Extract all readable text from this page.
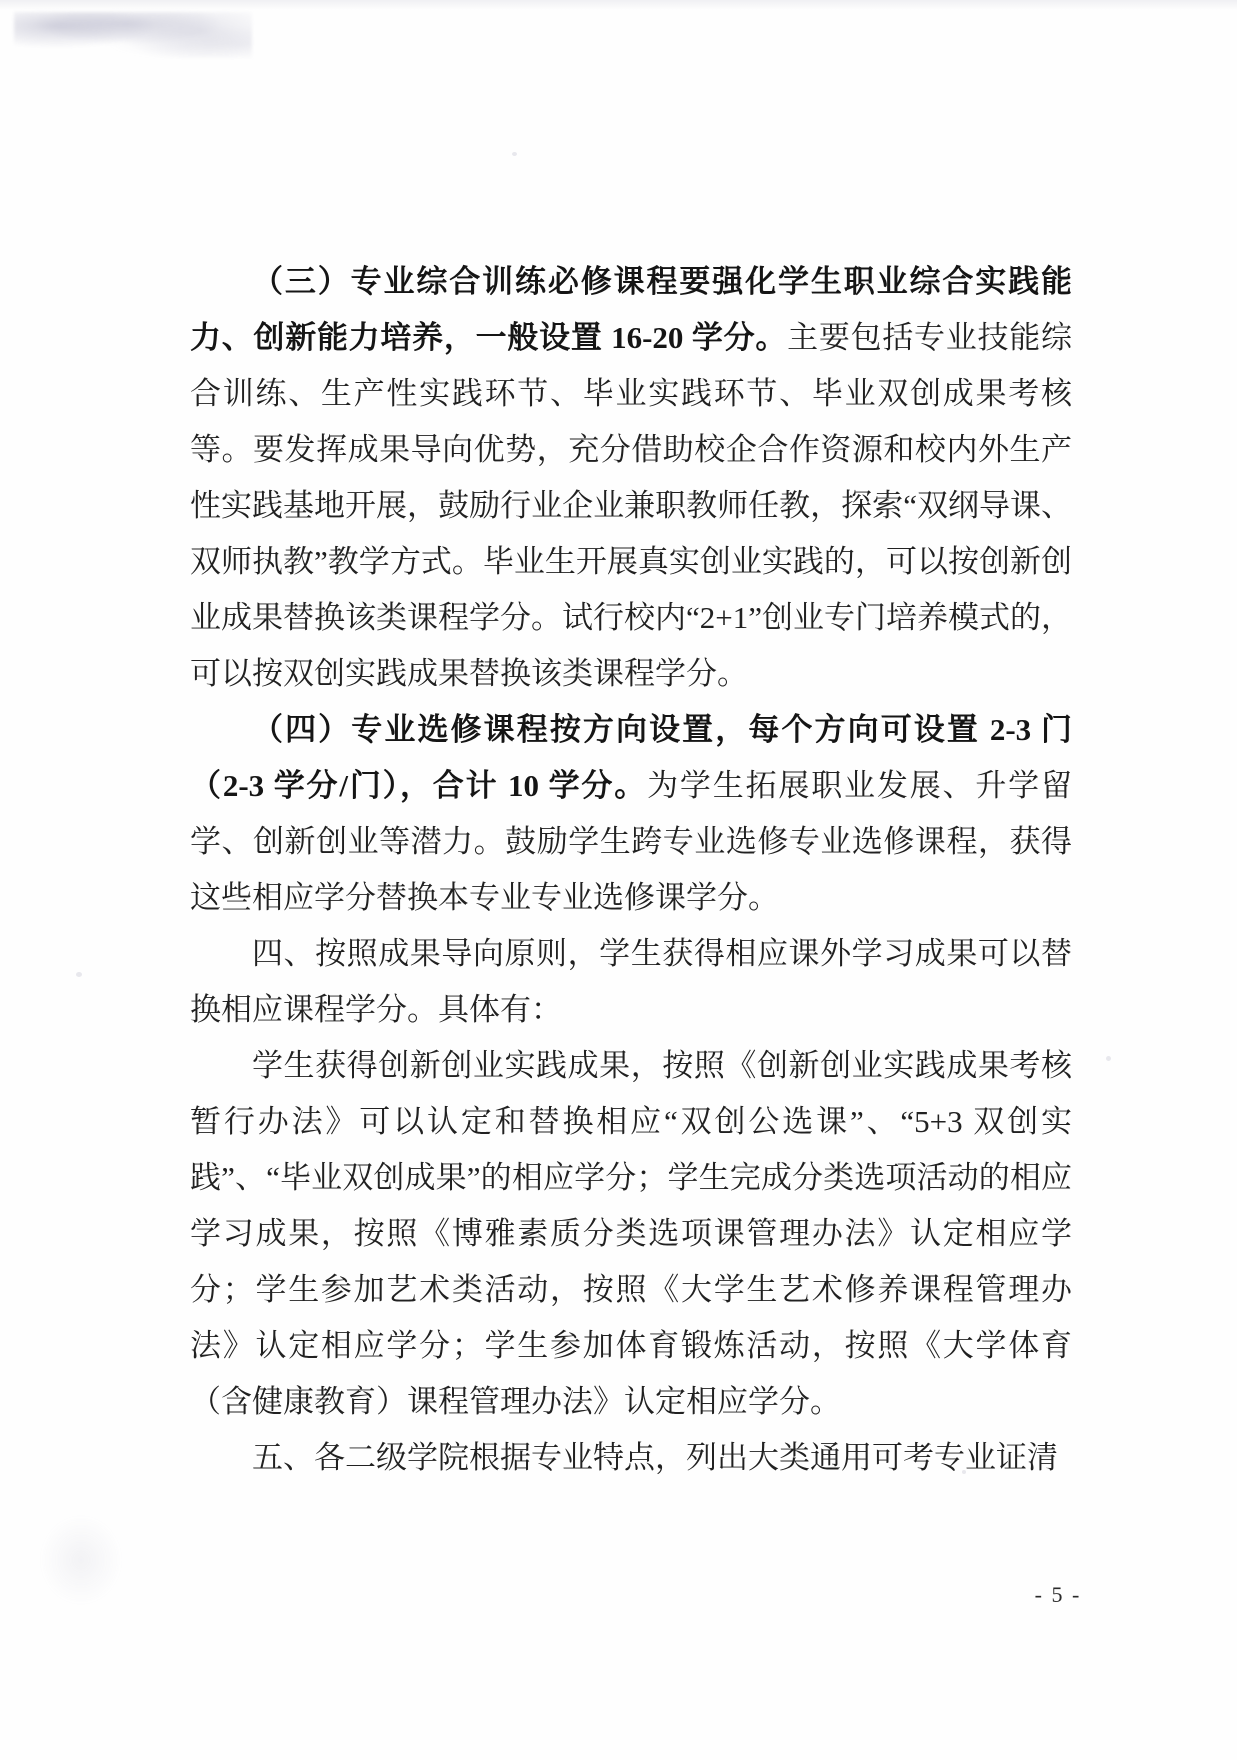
（三）专业综合训练必修课程要强化学生职业综合实践能力、创新能力培养，一般设置 16-20 学分。主要包括专业技能综合训练、生产性实践环节、毕业实践环节、毕业双创成果考核等。要发挥成果导向优势，充分借助校企合作资源和校内外生产性实践基地开展，鼓励行业企业兼职教师任教，探索“双纲导课、双师执教”教学方式。毕业生开展真实创业实践的，可以按创新创业成果替换该类课程学分。试行校内“2+1”创业专门培养模式的，可以按双创实践成果替换该类课程学分。

（四）专业选修课程按方向设置，每个方向可设置 2-3 门（2-3 学分/门），合计 10 学分。为学生拓展职业发展、升学留学、创新创业等潜力。鼓励学生跨专业选修专业选修课程，获得这些相应学分替换本专业专业选修课学分。

四、按照成果导向原则，学生获得相应课外学习成果可以替换相应课程学分。具体有：

学生获得创新创业实践成果，按照《创新创业实践成果考核暂行办法》可以认定和替换相应“双创公选课”、“5+3 双创实践”、“毕业双创成果”的相应学分；学生完成分类选项活动的相应学习成果，按照《博雅素质分类选项课管理办法》认定相应学分；学生参加艺术类活动，按照《大学生艺术修养课程管理办法》认定相应学分；学生参加体育锻炼活动，按照《大学体育（含健康教育）课程管理办法》认定相应学分。

五、各二级学院根据专业特点，列出大类通用可考专业证清

- 5 -
